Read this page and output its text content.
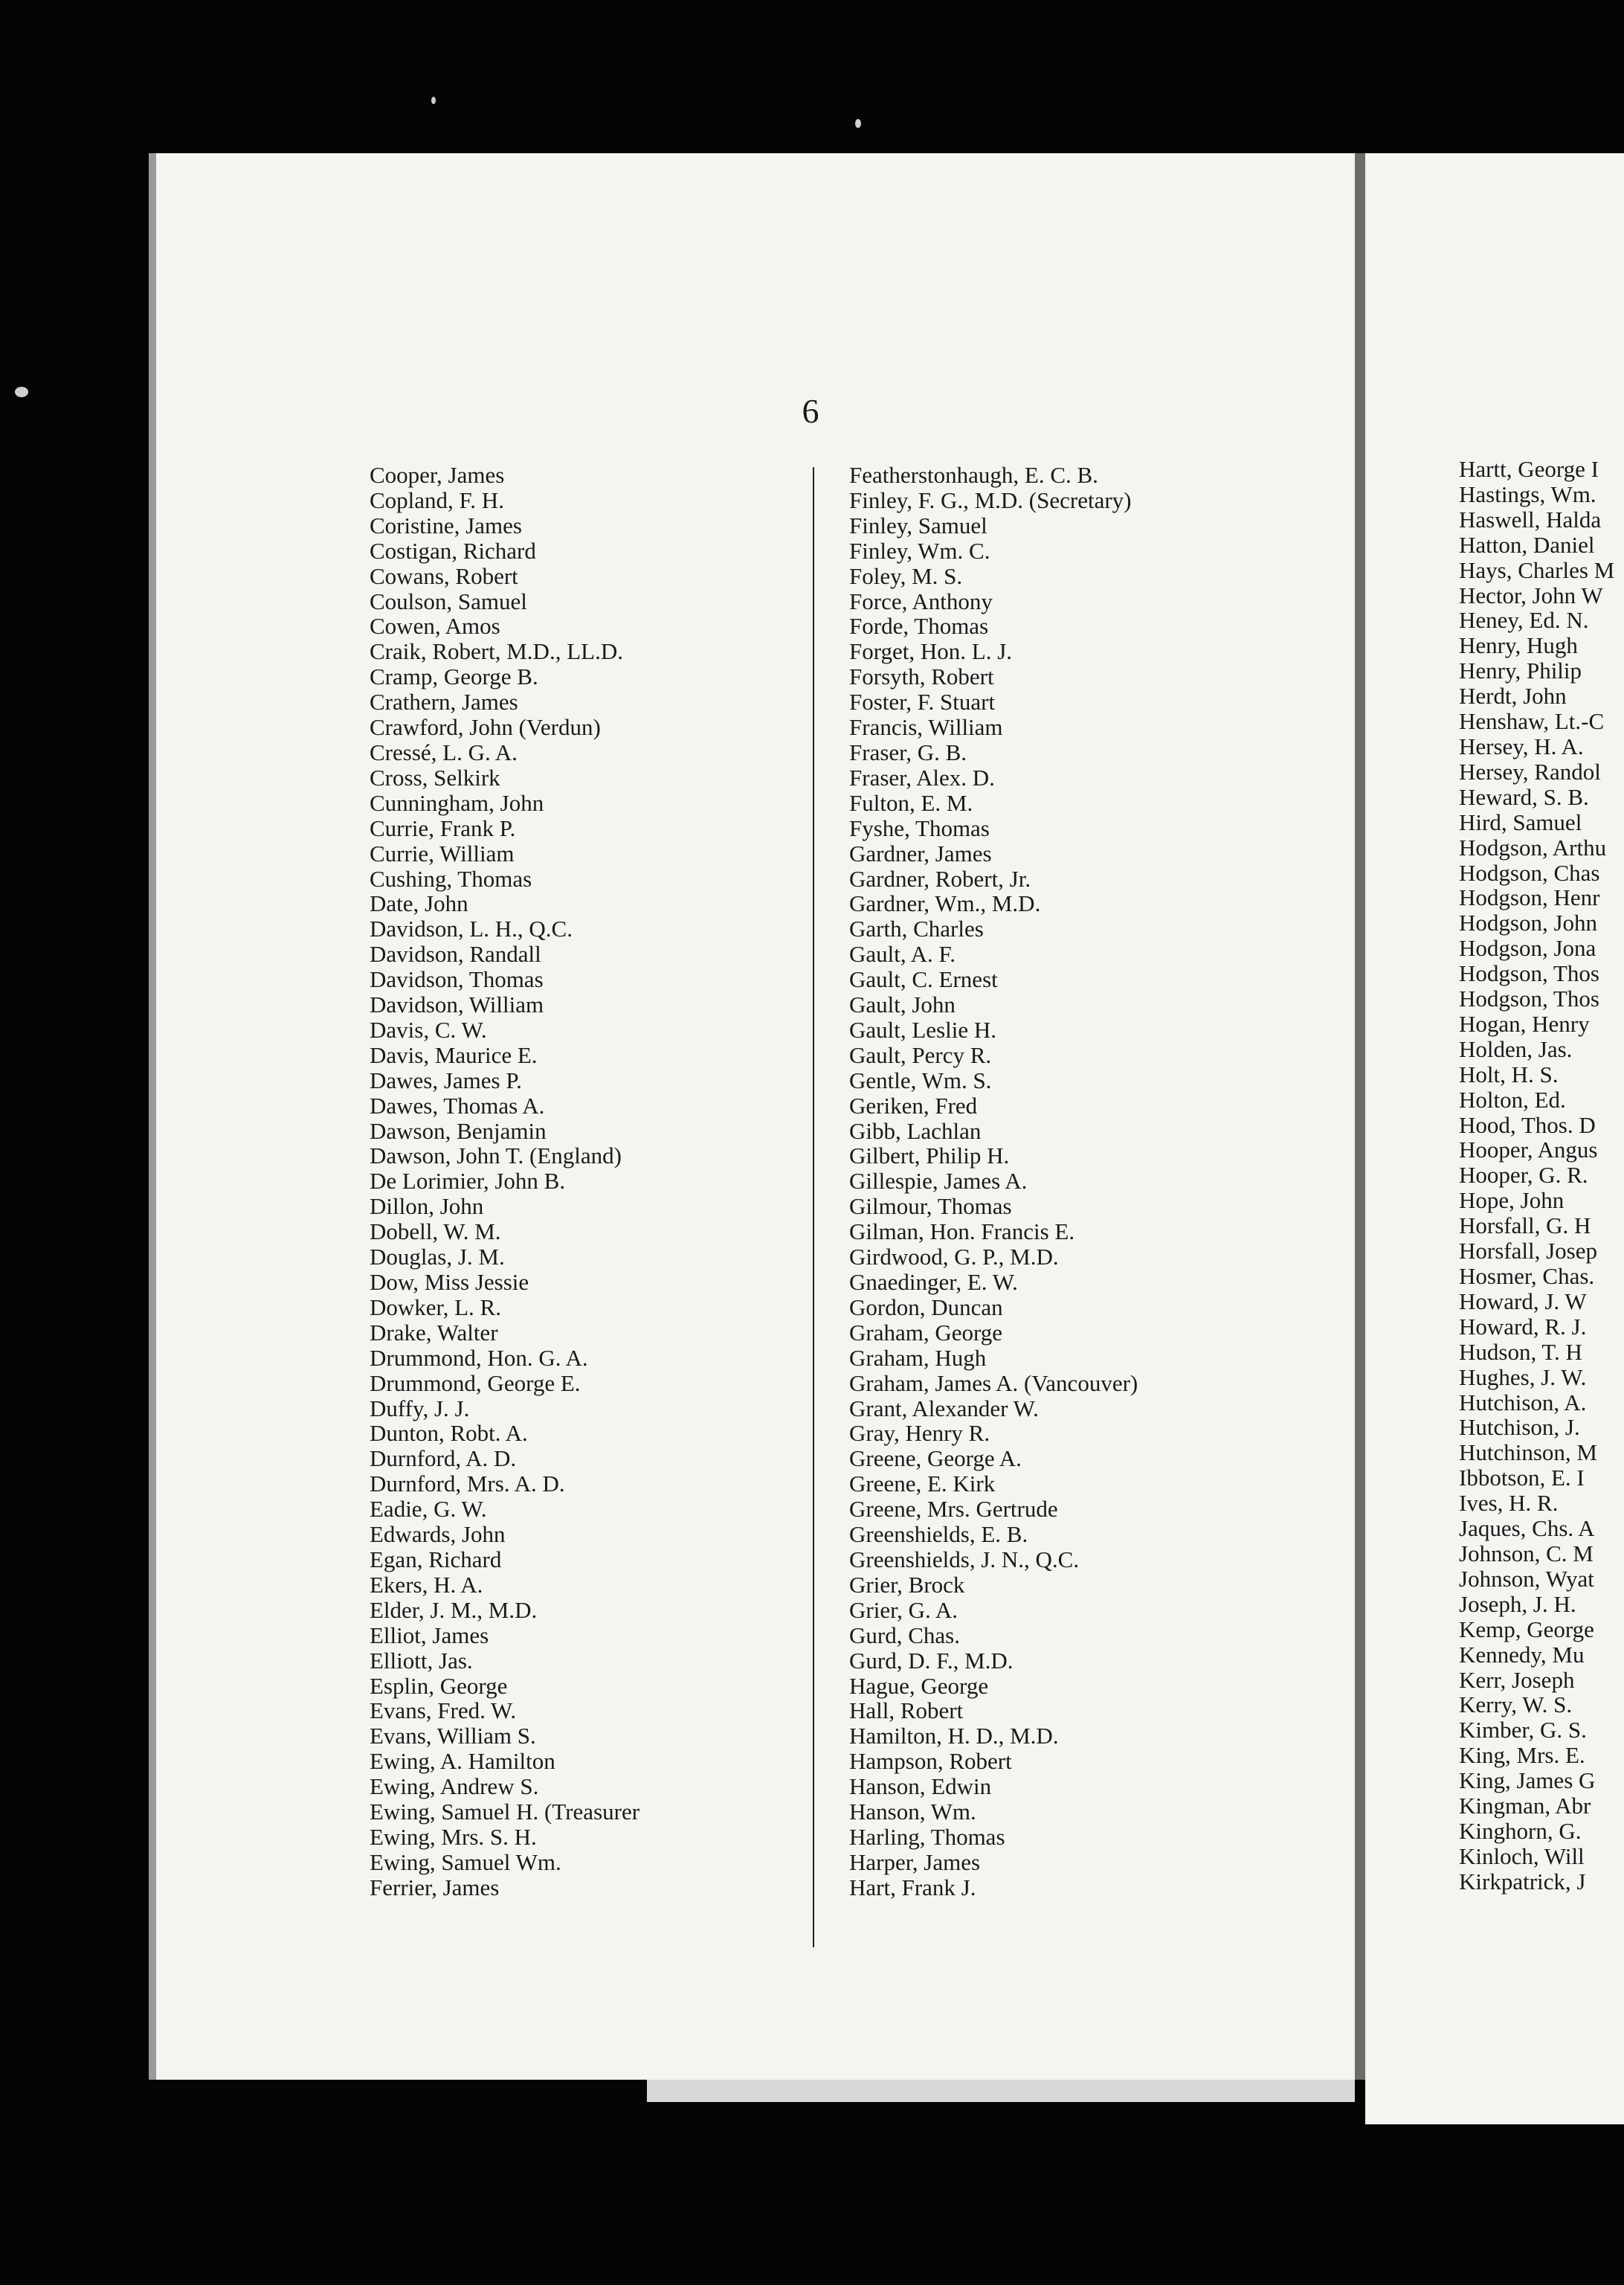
6
Cooper, James
Copland, F. H.
Coristine, James
Costigan, Richard
Cowans, Robert
Coulson, Samuel
Cowen, Amos
Craik, Robert, M.D., LL.D.
Cramp, George B.
Crathern, James
Crawford, John (Verdun)
Cressé, L. G. A.
Cross, Selkirk
Cunningham, John
Currie, Frank P.
Currie, William
Cushing, Thomas
Date, John
Davidson, L. H., Q.C.
Davidson, Randall
Davidson, Thomas
Davidson, William
Davis, C. W.
Davis, Maurice E.
Dawes, James P.
Dawes, Thomas A.
Dawson, Benjamin
Dawson, John T. (England)
De Lorimier, John B.
Dillon, John
Dobell, W. M.
Douglas, J. M.
Dow, Miss Jessie
Dowker, L. R.
Drake, Walter
Drummond, Hon. G. A.
Drummond, George E.
Duffy, J. J.
Dunton, Robt. A.
Durnford, A. D.
Durnford, Mrs. A. D.
Eadie, G. W.
Edwards, John
Egan, Richard
Ekers, H. A.
Elder, J. M., M.D.
Elliot, James
Elliott, Jas.
Esplin, George
Evans, Fred. W.
Evans, William S.
Ewing, A. Hamilton
Ewing, Andrew S.
Ewing, Samuel H. (Treasurer
Ewing, Mrs. S. H.
Ewing, Samuel Wm.
Ferrier, James
Featherstonhaugh, E. C. B.
Finley, F. G., M.D. (Secretary)
Finley, Samuel
Finley, Wm. C.
Foley, M. S.
Force, Anthony
Forde, Thomas
Forget, Hon. L. J.
Forsyth, Robert
Foster, F. Stuart
Francis, William
Fraser, G. B.
Fraser, Alex. D.
Fulton, E. M.
Fyshe, Thomas
Gardner, James
Gardner, Robert, Jr.
Gardner, Wm., M.D.
Garth, Charles
Gault, A. F.
Gault, C. Ernest
Gault, John
Gault, Leslie H.
Gault, Percy R.
Gentle, Wm. S.
Geriken, Fred
Gibb, Lachlan
Gilbert, Philip H.
Gillespie, James A.
Gilmour, Thomas
Gilman, Hon. Francis E.
Girdwood, G. P., M.D.
Gnaedinger, E. W.
Gordon, Duncan
Graham, George
Graham, Hugh
Graham, James A. (Vancouver)
Grant, Alexander W.
Gray, Henry R.
Greene, George A.
Greene, E. Kirk
Greene, Mrs. Gertrude
Greenshields, E. B.
Greenshields, J. N., Q.C.
Grier, Brock
Grier, G. A.
Gurd, Chas.
Gurd, D. F., M.D.
Hague, George
Hall, Robert
Hamilton, H. D., M.D.
Hampson, Robert
Hanson, Edwin
Hanson, Wm.
Harling, Thomas
Harper, James
Hart, Frank J.
Hartt, George I
Hastings, Wm.
Haswell, Halda
Hatton, Daniel
Hays, Charles M
Hector, John W
Heney, Ed. N.
Henry, Hugh
Henry, Philip
Herdt, John
Henshaw, Lt.-C
Hersey, H. A.
Hersey, Randol
Heward, S. B.
Hird, Samuel
Hodgson, Arthu
Hodgson, Chas
Hodgson, Henr
Hodgson, John
Hodgson, Jona
Hodgson, Thos
Hodgson, Thos
Hogan, Henry
Holden, Jas.
Holt, H. S.
Holton, Ed.
Hood, Thos. D
Hooper, Angus
Hooper, G. R.
Hope, John
Horsfall, G. H
Horsfall, Josep
Hosmer, Chas.
Howard, J. W
Howard, R. J.
Hudson, T. H
Hughes, J. W.
Hutchison, A.
Hutchison, J.
Hutchinson, M
Ibbotson, E. I
Ives, H. R.
Jaques, Chs. A
Johnson, C. M
Johnson, Wyat
Joseph, J. H.
Kemp, George
Kennedy, Mu
Kerr, Joseph
Kerry, W. S.
Kimber, G. S.
King, Mrs. E.
King, James G
Kingman, Abr
Kinghorn, G.
Kinloch, Will
Kirkpatrick, J
